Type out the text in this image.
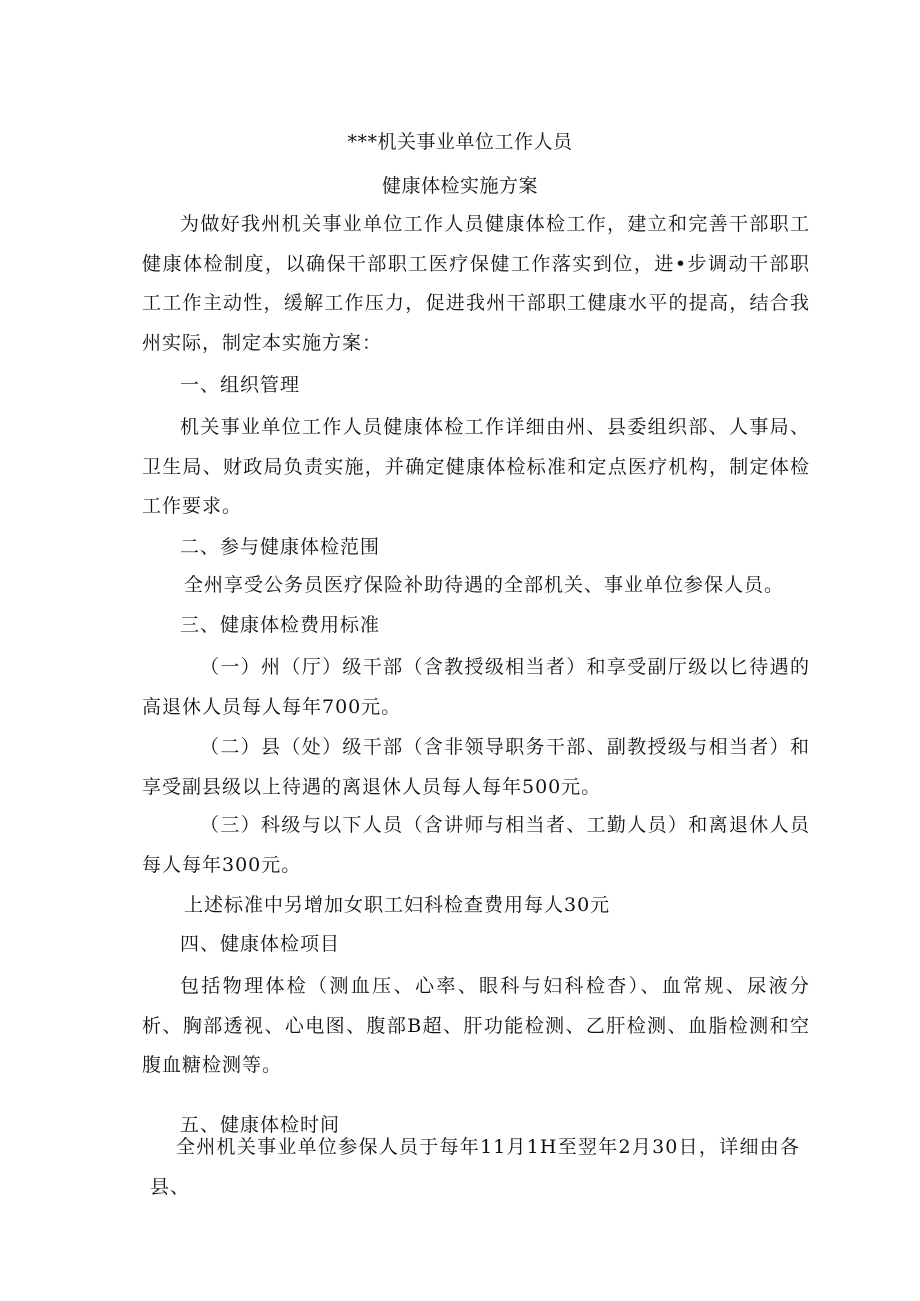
***机关事业单位工作人员
健康体检实施方案
为做好我州机关事业单位工作人员健康体检工作，建立和完善干部职工健康体检制度，以确保干部职工医疗保健工作落实到位，进•步调动干部职工工作主动性，缓解工作压力，促进我州干部职工健康水平的提高，结合我州实际，制定本实施方案：
一、组织管理
机关事业单位工作人员健康体检工作详细由州、县委组织部、人事局、卫生局、财政局负责实施，并确定健康体检标准和定点医疗机构，制定体检工作要求。
二、参与健康体检范围
全州享受公务员医疗保险补助待遇的全部机关、事业单位参保人员。
三、健康体检费用标准
（一）州（厅）级干部（含教授级相当者）和享受副厅级以匕待遇的高退休人员每人每年700元。
（二）县（处）级干部（含非领导职务干部、副教授级与相当者）和享受副县级以上待遇的离退休人员每人每年500元。
（三）科级与以下人员（含讲师与相当者、工勤人员）和离退休人员每人每年300元。
上述标准中另增加女职工妇科检查费用每人30元
四、健康体检项目
包括物理体检（测血压、心率、眼科与妇科检杳）、血常规、尿液分析、胸部透视、心电图、腹部B超、肝功能检测、乙肝检测、血脂检测和空腹血糖检测等。
五、健康体检时间
全州机关事业单位参保人员于每年11月1H至翌年2月30日，详细由各县、
